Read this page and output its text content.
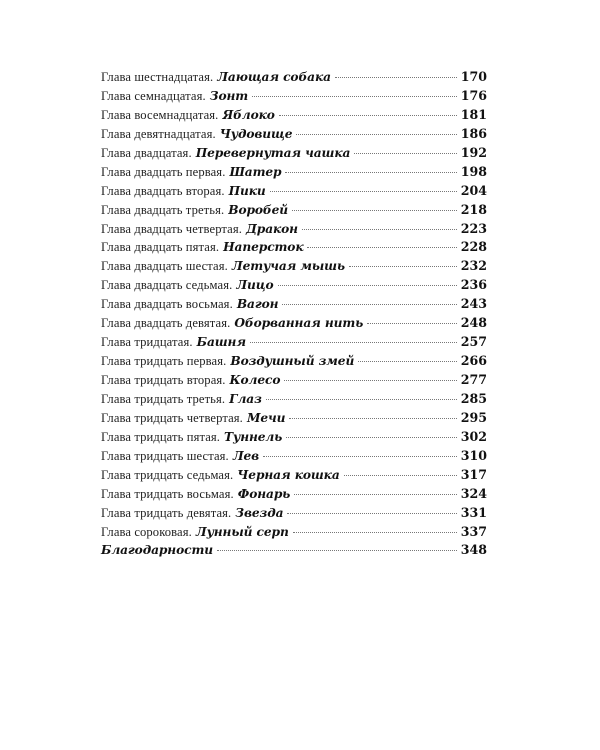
Глава шестнадцатая. Лающая собака	170
Глава семнадцатая. Зонт	176
Глава восемнадцатая. Яблоко	181
Глава девятнадцатая. Чудовище	186
Глава двадцатая. Перевернутая чашка	192
Глава двадцать первая. Шатер	198
Глава двадцать вторая. Пики	204
Глава двадцать третья. Воробей	218
Глава двадцать четвертая. Дракон	223
Глава двадцать пятая. Наперсток	228
Глава двадцать шестая. Летучая мышь	232
Глава двадцать седьмая. Лицо	236
Глава двадцать восьмая. Вагон	243
Глава двадцать девятая. Оборванная нить	248
Глава тридцатая. Башня	257
Глава тридцать первая. Воздушный змей	266
Глава тридцать вторая. Колесо	277
Глава тридцать третья. Глаз	285
Глава тридцать четвертая. Мечи	295
Глава тридцать пятая. Туннель	302
Глава тридцать шестая. Лев	310
Глава тридцать седьмая. Черная кошка	317
Глава тридцать восьмая. Фонарь	324
Глава тридцать девятая. Звезда	331
Глава сороковая. Лунный серп	337
Благодарности	348
